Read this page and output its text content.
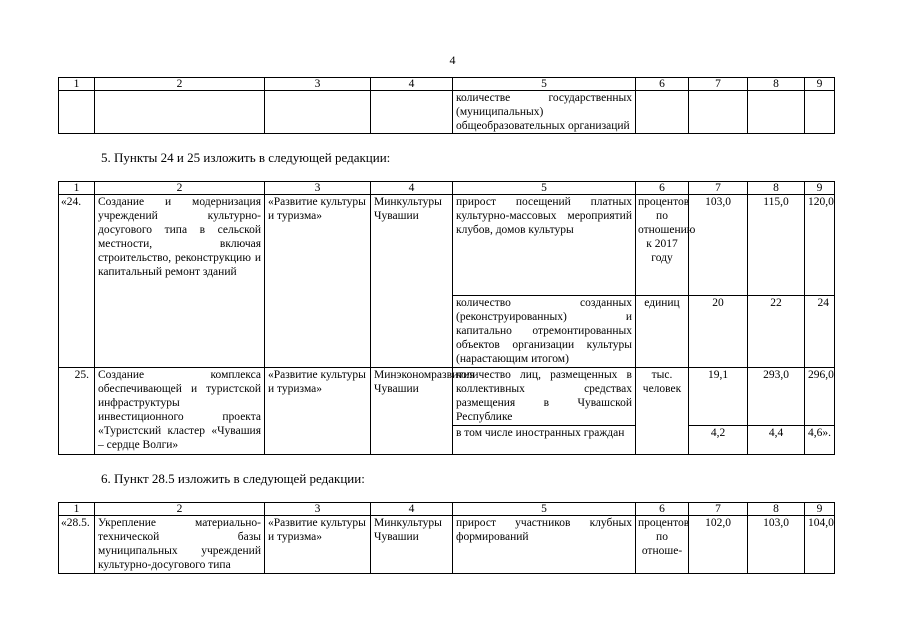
4
1	2	3	4	5	6	7	8	9
				количестве государственных (муниципальных) общеобразовательных организаций				
5. Пункты 24 и 25 изложить в следующей редакции:
1	2	3	4	5	6	7	8	9
«24.	Создание и модернизация учреждений культурно-досугового типа в сельской местности, включая строительство, реконструкцию и капитальный ремонт зданий	«Развитие культуры и туризма»	Минкультуры Чувашии	прирост посещений платных культурно-массовых мероприятий клубов, домов культуры	процентов по отношению к 2017 году	103,0	115,0	120,0
				количество созданных (реконструированных) и капитально отремонтированных объектов организации культуры (нарастающим итогом)	единиц	20	22	24
25.	Создание комплекса обеспечивающей и туристской инфраструктуры инвестиционного проекта «Туристский кластер «Чувашия – сердце Волги»	«Развитие культуры и туризма»	Минэкономразвития Чувашии	количество лиц, размещенных в коллективных средствах размещения в Чувашской Республике	тыс. человек	19,1	293,0	296,0
				в том числе иностранных граждан		4,2	4,4	4,6».
6. Пункт 28.5 изложить в следующей редакции:
1	2	3	4	5	6	7	8	9
«28.5.	Укрепление материально-технической базы муниципальных учреждений культурно-досугового типа	«Развитие культуры и туризма»	Минкультуры Чувашии	прирост участников клубных формирований	процентов по отноше-	102,0	103,0	104,0
